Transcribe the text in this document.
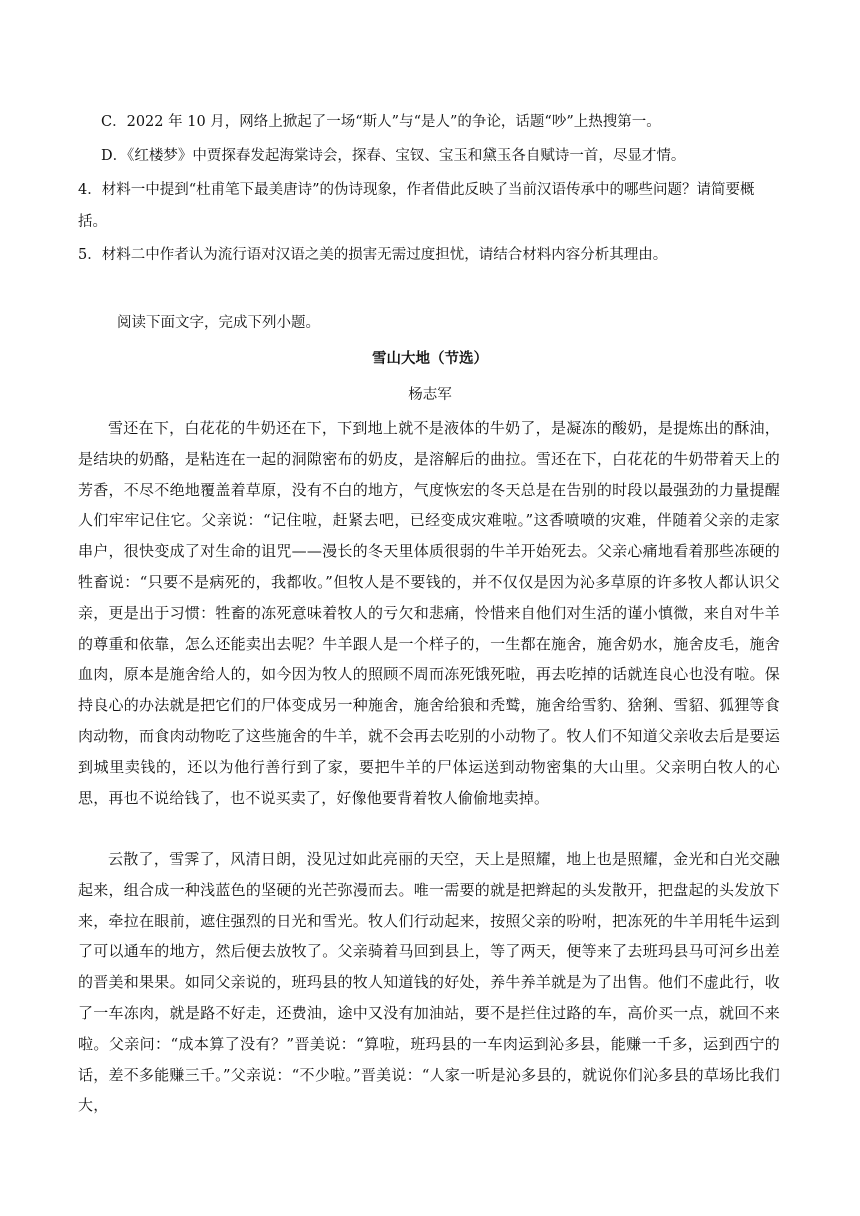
C．2022 年 10 月，网络上掀起了一场“斯人”与“是人”的争论，话题“吵”上热搜第一。
D．《红楼梦》中贾探春发起海棠诗会，探春、宝钗、宝玉和黛玉各自赋诗一首，尽显才情。
4．材料一中提到“杜甫笔下最美唐诗”的伪诗现象，作者借此反映了当前汉语传承中的哪些问题？请简要概
括。
5．材料二中作者认为流行语对汉语之美的损害无需过度担忧，请结合材料内容分析其理由。
阅读下面文字，完成下列小题。
雪山大地（节选）
杨志军

雪还在下，白花花的牛奶还在下，下到地上就不是液体的牛奶了，是凝冻的酸奶，是提炼出的酥油，是结块的奶酪，是粘连在一起的洞隙密布的奶皮，是溶解后的曲拉。雪还在下，白花花的牛奶带着天上的芳香，不尽不绝地覆盖着草原，没有不白的地方，气度恢宏的冬天总是在告别的时段以最强劲的力量提醒人们牢牢记住它。父亲说：“记住啦，赶紧去吧，已经变成灾难啦。”这香喷喷的灾难，伴随着父亲的走家串户，很快变成了对生命的诅咒——漫长的冬天里体质很弱的牛羊开始死去。父亲心痛地看着那些冻硬的牲畜说：“只要不是病死的，我都收。”但牧人是不要钱的，并不仅仅是因为沁多草原的许多牧人都认识父亲，更是出于习惯：牲畜的冻死意味着牧人的亏欠和悲痛，怜惜来自他们对生活的谨小慎微，来自对牛羊的尊重和依靠，怎么还能卖出去呢？牛羊跟人是一个样子的，一生都在施舍，施舍奶水，施舍皮毛，施舍血肉，原本是施舍给人的，如今因为牧人的照顾不周而冻死饿死啦，再去吃掉的话就连良心也没有啦。保持良心的办法就是把它们的尸体变成另一种施舍，施舍给狼和秃鹫，施舍给雪豹、猞猁、雪貂、狐狸等食肉动物，而食肉动物吃了这些施舍的牛羊，就不会再去吃别的小动物了。牧人们不知道父亲收去后是要运到城里卖钱的，还以为他行善行到了家，要把牛羊的尸体运送到动物密集的大山里。父亲明白牧人的心思，再也不说给钱了，也不说买卖了，好像他要背着牧人偷偷地卖掉。

云散了，雪霁了，风清日朗，没见过如此亮丽的天空，天上是照耀，地上也是照耀，金光和白光交融起来，组合成一种浅蓝色的坚硬的光芒弥漫而去。唯一需要的就是把辫起的头发散开，把盘起的头发放下来，牵拉在眼前，遮住强烈的日光和雪光。牧人们行动起来，按照父亲的吩咐，把冻死的牛羊用牦牛运到了可以通车的地方，然后便去放牧了。父亲骑着马回到县上，等了两天，便等来了去班玛县马可河乡出差的晋美和果果。如同父亲说的，班玛县的牧人知道钱的好处，养牛养羊就是为了出售。他们不虚此行，收了一车冻肉，就是路不好走，还费油，途中又没有加油站，要不是拦住过路的车，高价买一点，就回不来啦。父亲问：“成本算了没有？”晋美说：“算啦，班玛县的一车肉运到沁多县，能赚一千多，运到西宁的话，差不多能赚三千。”父亲说：“不少啦。”晋美说：“人家一听是沁多县的，就说你们沁多县的草场比我们大，
